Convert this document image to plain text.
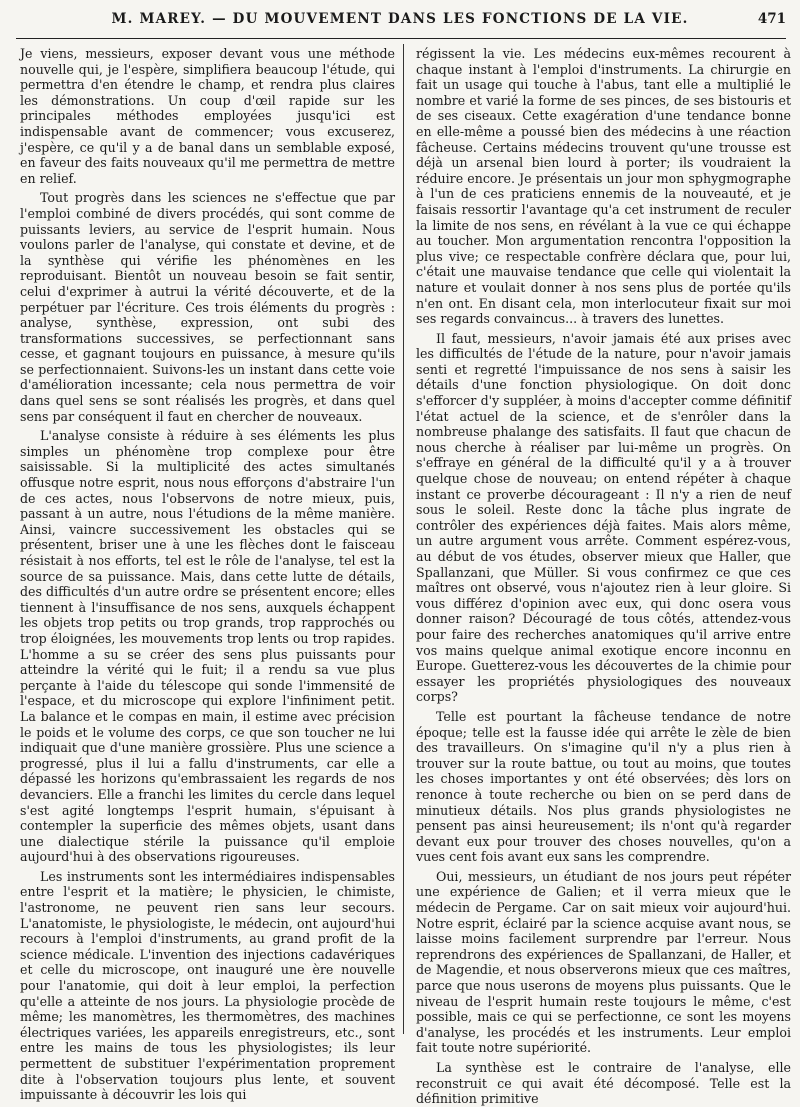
M. MAREY. — DU MOUVEMENT DANS LES FONCTIONS DE LA VIE.	471

Je viens, messieurs, exposer devant vous une méthode nouvelle qui, je l'espère, simplifiera beaucoup l'étude, qui permettra d'en étendre le champ, et rendra plus claires les démonstrations. Un coup d'œil rapide sur les principales méthodes employées jusqu'ici est indispensable avant de commencer; vous excuserez, j'espère, ce qu'il y a de banal dans un semblable exposé, en faveur des faits nouveaux qu'il me permettra de mettre en relief.

Tout progrès dans les sciences ne s'effectue que par l'emploi combiné de divers procédés, qui sont comme de puissants leviers, au service de l'esprit humain. Nous voulons parler de l'analyse, qui constate et devine, et de la synthèse qui vérifie les phénomènes en les reproduisant. Bientôt un nouveau besoin se fait sentir, celui d'exprimer à autrui la vérité découverte, et de la perpétuer par l'écriture. Ces trois éléments du progrès : analyse, synthèse, expression, ont subi des transformations successives, se perfectionnant sans cesse, et gagnant toujours en puissance, à mesure qu'ils se perfectionnaient. Suivons-les un instant dans cette voie d'amélioration incessante; cela nous permettra de voir dans quel sens se sont réalisés les progrès, et dans quel sens par conséquent il faut en chercher de nouveaux.

L'analyse consiste à réduire à ses éléments les plus simples un phénomène trop complexe pour être saisissable. Si la multiplicité des actes simultanés offusque notre esprit, nous nous efforçons d'abstraire l'un de ces actes, nous l'observons de notre mieux, puis, passant à un autre, nous l'étudions de la même manière. Ainsi, vaincre successivement les obstacles qui se présentent, briser une à une les flèches dont le faisceau résistait à nos efforts, tel est le rôle de l'analyse, tel est la source de sa puissance. Mais, dans cette lutte de détails, des difficultés d'un autre ordre se présentent encore; elles tiennent à l'insuffisance de nos sens, auxquels échappent les objets trop petits ou trop grands, trop rapprochés ou trop éloignées, les mouvements trop lents ou trop rapides. L'homme a su se créer des sens plus puissants pour atteindre la vérité qui le fuit; il a rendu sa vue plus perçante à l'aide du télescope qui sonde l'immensité de l'espace, et du microscope qui explore l'infiniment petit. La balance et le compas en main, il estime avec précision le poids et le volume des corps, ce que son toucher ne lui indiquait que d'une manière grossière. Plus une science a progressé, plus il lui a fallu d'instruments, car elle a dépassé les horizons qu'embrassaient les regards de nos devanciers. Elle a franchi les limites du cercle dans lequel s'est agité longtemps l'esprit humain, s'épuisant à contempler la superficie des mêmes objets, usant dans une dialectique stérile la puissance qu'il emploie aujourd'hui à des observations rigoureuses.

Les instruments sont les intermédiaires indispensables entre l'esprit et la matière; le physicien, le chimiste, l'astronome, ne peuvent rien sans leur secours. L'anatomiste, le physiologiste, le médecin, ont aujourd'hui recours à l'emploi d'instruments, au grand profit de la science médicale. L'invention des injections cadavériques et celle du microscope, ont inauguré une ère nouvelle pour l'anatomie, qui doit à leur emploi, la perfection qu'elle a atteinte de nos jours. La physiologie procède de même; les manomètres, les thermomètres, des machines électriques variées, les appareils enregistreurs, etc., sont entre les mains de tous les physiologistes; ils leur permettent de substituer l'expérimentation proprement dite à l'observation toujours plus lente, et souvent impuissante à découvrir les lois qui

régissent la vie. Les médecins eux-mêmes recourent à chaque instant à l'emploi d'instruments. La chirurgie en fait un usage qui touche à l'abus, tant elle a multiplié le nombre et varié la forme de ses pinces, de ses bistouris et de ses ciseaux. Cette exagération d'une tendance bonne en elle-même a poussé bien des médecins à une réaction fâcheuse. Certains médecins trouvent qu'une trousse est déjà un arsenal bien lourd à porter; ils voudraient la réduire encore. Je présentais un jour mon sphygmographe à l'un de ces praticiens ennemis de la nouveauté, et je faisais ressortir l'avantage qu'a cet instrument de reculer la limite de nos sens, en révélant à la vue ce qui échappe au toucher. Mon argumentation rencontra l'opposition la plus vive; ce respectable confrère déclara que, pour lui, c'était une mauvaise tendance que celle qui violentait la nature et voulait donner à nos sens plus de portée qu'ils n'en ont. En disant cela, mon interlocuteur fixait sur moi ses regards convaincus... à travers des lunettes.

Il faut, messieurs, n'avoir jamais été aux prises avec les difficultés de l'étude de la nature, pour n'avoir jamais senti et regretté l'impuissance de nos sens à saisir les détails d'une fonction physiologique. On doit donc s'efforcer d'y suppléer, à moins d'accepter comme définitif l'état actuel de la science, et de s'enrôler dans la nombreuse phalange des satisfaits. Il faut que chacun de nous cherche à réaliser par lui-même un progrès. On s'effraye en général de la difficulté qu'il y a à trouver quelque chose de nouveau; on entend répéter à chaque instant ce proverbe décourageant : Il n'y a rien de neuf sous le soleil. Reste donc la tâche plus ingrate de contrôler des expériences déjà faites. Mais alors même, un autre argument vous arrête. Comment espérez-vous, au début de vos études, observer mieux que Haller, que Spallanzani, que Müller. Si vous confirmez ce que ces maîtres ont observé, vous n'ajoutez rien à leur gloire. Si vous différez d'opinion avec eux, qui donc osera vous donner raison? Découragé de tous côtés, attendez-vous pour faire des recherches anatomiques qu'il arrive entre vos mains quelque animal exotique encore inconnu en Europe. Guetterez-vous les découvertes de la chimie pour essayer les propriétés physiologiques des nouveaux corps?

Telle est pourtant la fâcheuse tendance de notre époque; telle est la fausse idée qui arrête le zèle de bien des travailleurs. On s'imagine qu'il n'y a plus rien à trouver sur la route battue, ou tout au moins, que toutes les choses importantes y ont été observées; dès lors on renonce à toute recherche ou bien on se perd dans de minutieux détails. Nos plus grands physiologistes ne pensent pas ainsi heureusement; ils n'ont qu'à regarder devant eux pour trouver des choses nouvelles, qu'on a vues cent fois avant eux sans les comprendre.

Oui, messieurs, un étudiant de nos jours peut répéter une expérience de Galien; et il verra mieux que le médecin de Pergame. Car on sait mieux voir aujourd'hui. Notre esprit, éclairé par la science acquise avant nous, se laisse moins facilement surprendre par l'erreur. Nous reprendrons des expériences de Spallanzani, de Haller, et de Magendie, et nous observerons mieux que ces maîtres, parce que nous userons de moyens plus puissants. Que le niveau de l'esprit humain reste toujours le même, c'est possible, mais ce qui se perfectionne, ce sont les moyens d'analyse, les procédés et les instruments. Leur emploi fait toute notre supériorité.

La synthèse est le contraire de l'analyse, elle reconstruit ce qui avait été décomposé. Telle est la définition primitive
